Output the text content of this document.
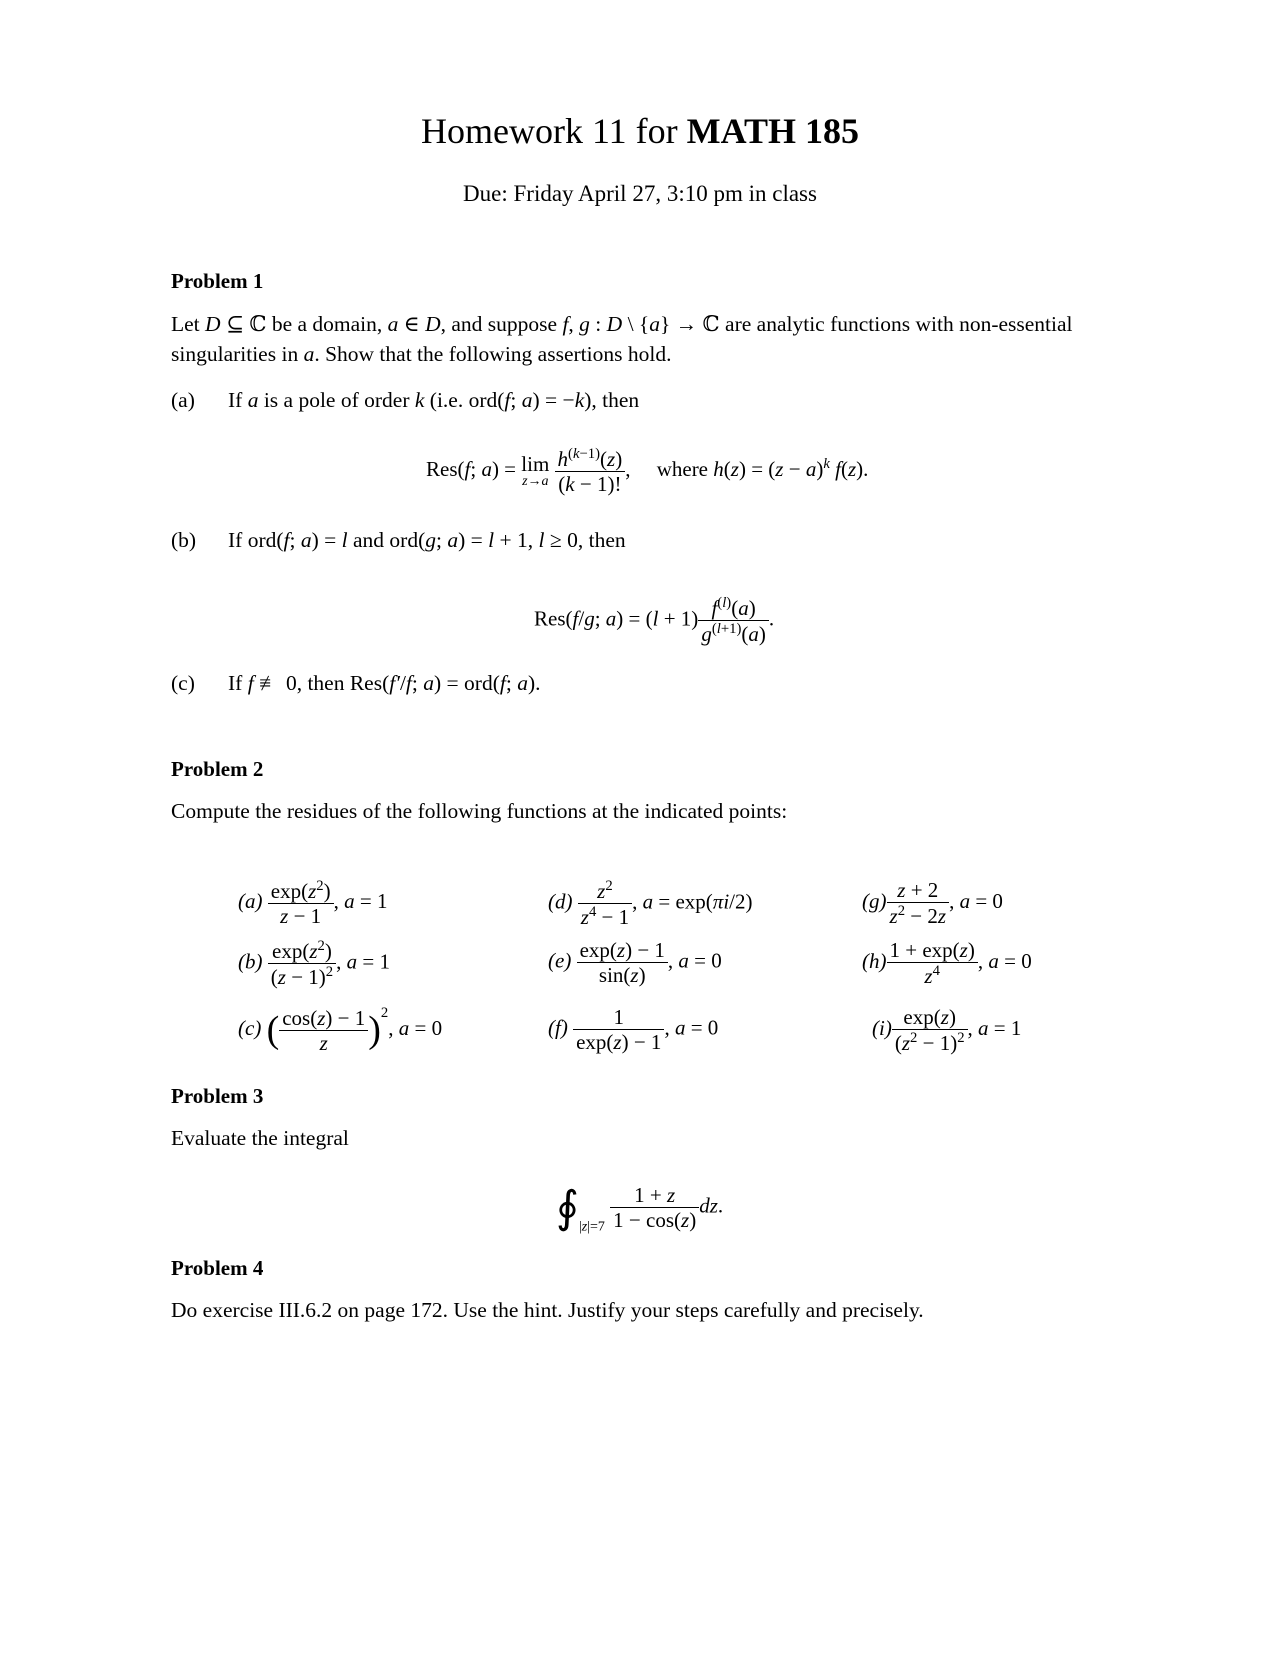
Homework 11 for MATH 185
Due: Friday April 27, 3:10 pm in class
Problem 1
Let D ⊆ ℂ be a domain, a ∈ D, and suppose f, g : D \ {a} → ℂ are analytic functions with non-essential
singularities in a. Show that the following assertions hold.
(a) If a is a pole of order k (i.e. ord(f; a) = −k), then
Res(f; a) = lim
z→a
$\frac{h^{(k-1)}(z)}{(k - 1)!}$ ,     where $h(z) = (z - a)^k$ f(z).
(b) If ord(f; a) = l and ord(g; a) = l + 1, l ≥ 0, then
Res(f/g; $a) = (l + 1) \frac{f^{(l)}(a)}{g^{(l+1)}(a)}$ .
(c) If f ≢ 0, then Res(f′/f; a) = ord(f; a).
Problem 2
Compute the residues of the following functions at the indicated points:
$(a) \frac{\exp(z^2)}{z - 1}$ , a = 1
$(b) \frac{\exp(z^2)}{(z - 1)^2}$ , a = 1
(c) ( $\frac{\cos(z) - 1}{z} )^2$, a = 0
$(d) \frac{z^2}{z^4 - 1}$ , a = exp(πi/2)
$(e) \frac{\exp(z) - 1}{\sin(z)}$ , a = 0
$(f) \frac{1}{\exp(z) - 1}$ , a = 0
$(g) \frac{z + 2}{z^2 - 2z}$ , a = 0
$(h) \frac{1 + \exp(z)}{z^4}$ , a = 0
$(i) \frac{\exp(z)}{(z^2 - 1)^2}$ , a = 1
Problem 3
Evaluate the integral
$∮_{|z|=7} \frac{1 + z}{1 - \cos(z)}$ dz.
Problem 4
Do exercise III.6.2 on page 172. Use the hint. Justify your steps carefully and precisely.
